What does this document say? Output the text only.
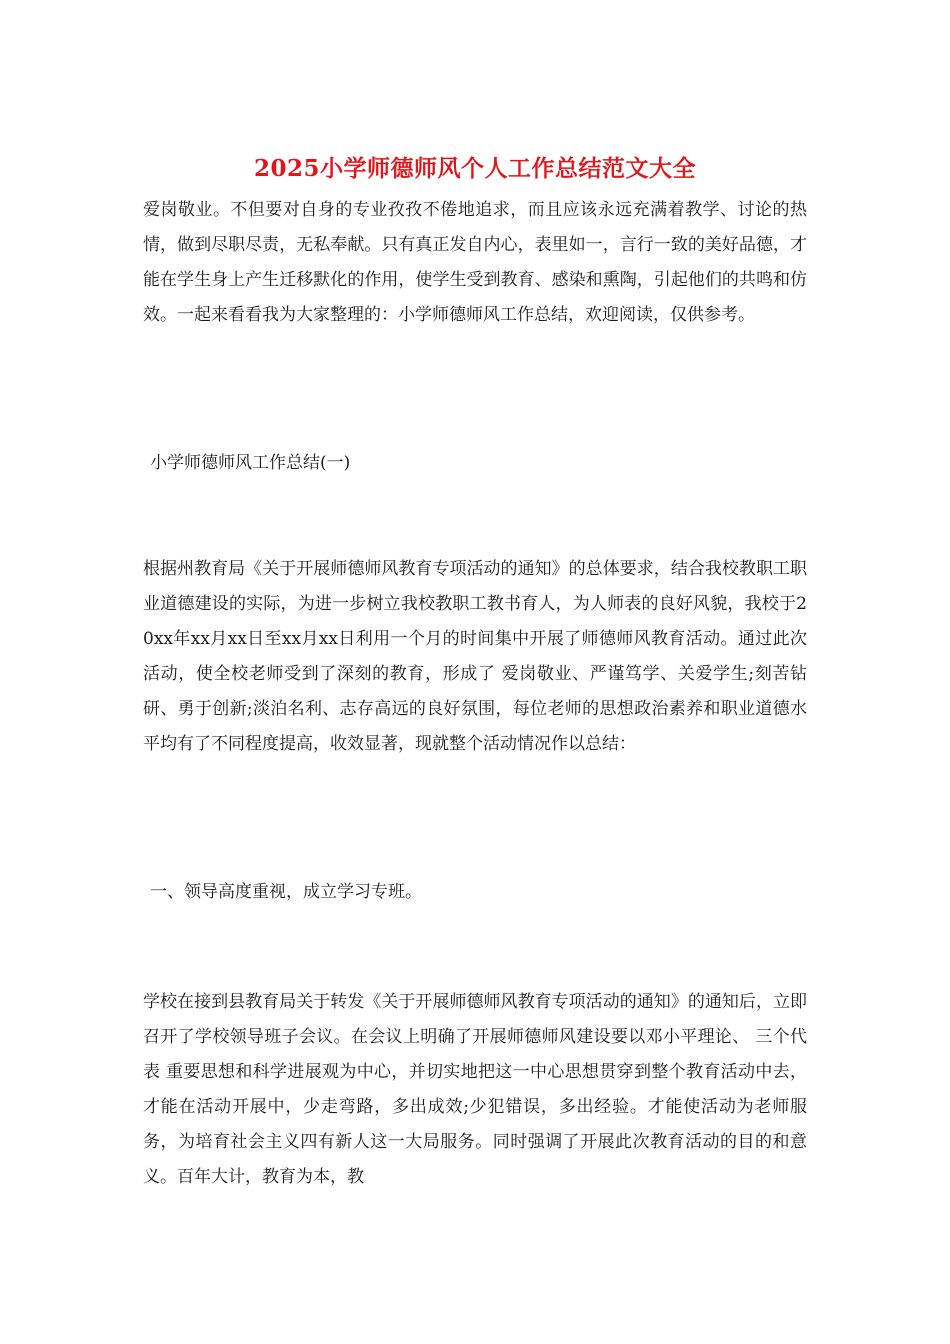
2025小学师德师风个人工作总结范文大全
爱岗敬业。不但要对自身的专业孜孜不倦地追求，而且应该永远充满着教学、讨论的热情，做到尽职尽责，无私奉献。只有真正发自内心，表里如一，言行一致的美好品德，才能在学生身上产生迁移默化的作用，使学生受到教育、感染和熏陶，引起他们的共鸣和仿效。一起来看看我为大家整理的：小学师德师风工作总结，欢迎阅读，仅供参考。
小学师德师风工作总结(一)
根据州教育局《关于开展师德师风教育专项活动的通知》的总体要求，结合我校教职工职业道德建设的实际，为进一步树立我校教职工教书育人，为人师表的良好风貌，我校于20xx年xx月xx日至xx月xx日利用一个月的时间集中开展了师德师风教育活动。通过此次活动，使全校老师受到了深刻的教育，形成了 爱岗敬业、严谨笃学、关爱学生;刻苦钻研、勇于创新;淡泊名利、志存高远的良好氛围，每位老师的思想政治素养和职业道德水平均有了不同程度提高，收效显著，现就整个活动情况作以总结：
一、领导高度重视，成立学习专班。
学校在接到县教育局关于转发《关于开展师德师风教育专项活动的通知》的通知后，立即召开了学校领导班子会议。在会议上明确了开展师德师风建设要以邓小平理论、 三个代表 重要思想和科学进展观为中心，并切实地把这一中心思想贯穿到整个教育活动中去，才能在活动开展中，少走弯路，多出成效;少犯错误，多出经验。才能使活动为老师服务，为培育社会主义四有新人这一大局服务。同时强调了开展此次教育活动的目的和意义。百年大计，教育为本，教
